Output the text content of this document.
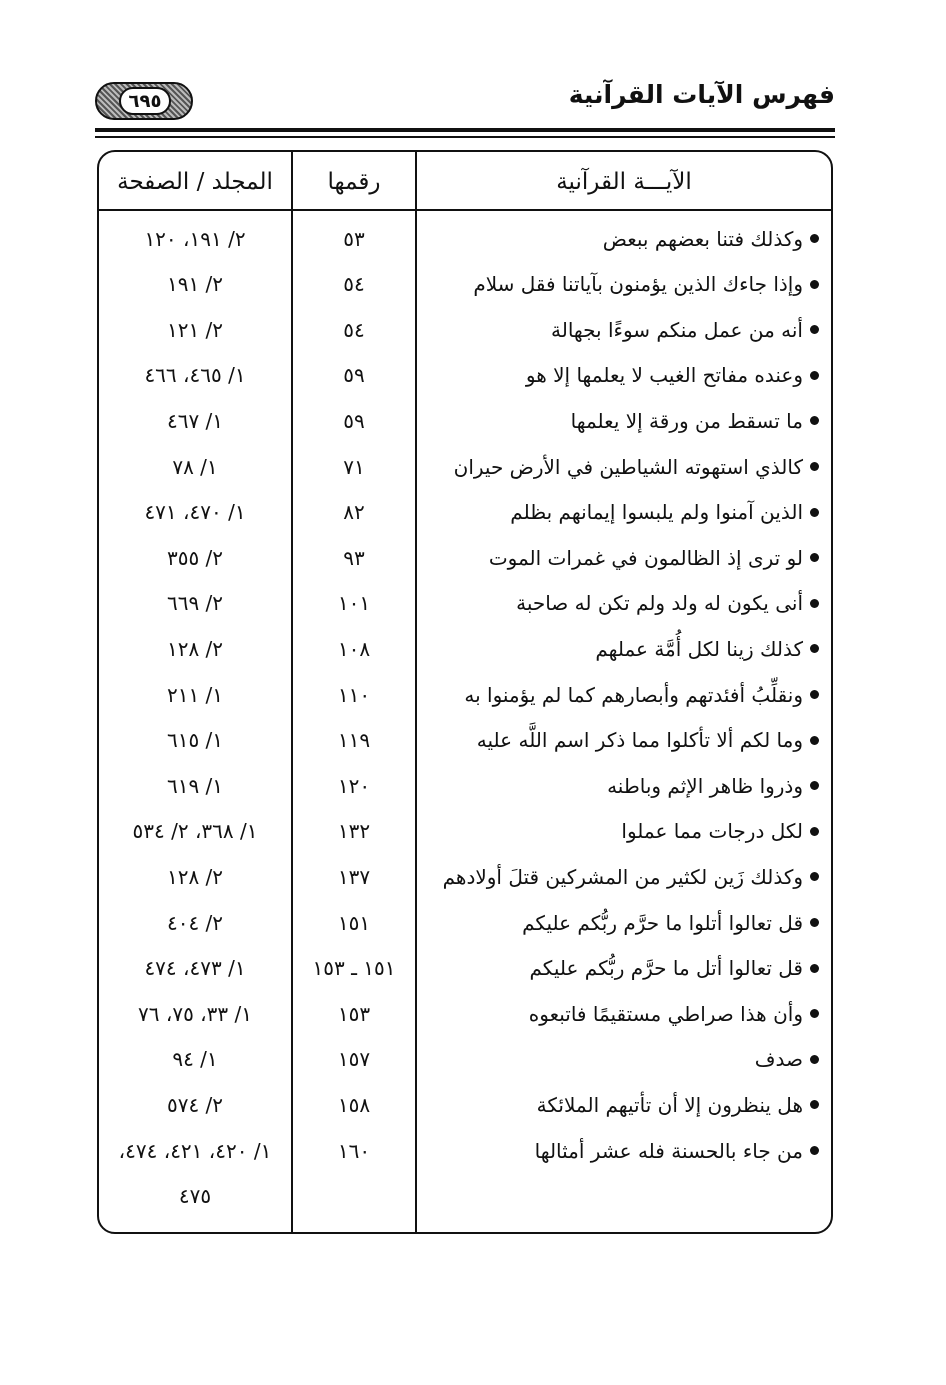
٦٩٥	فهرس الآيات القرآنية
الآيـــة القرآنية
رقمها
المجلد / الصفحة
وكذلك فتنا بعضهم ببعض
٥٣
٢/ ١٩١، ١٢٠
وإذا جاءك الذين يؤمنون بآياتنا فقل سلام
٥٤
٢/ ١٩١
أنه من عمل منكم سوءًا بجهالة
٥٤
٢/ ١٢١
وعنده مفاتح الغيب لا يعلمها إلا هو
٥٩
١/ ٤٦٥، ٤٦٦
ما تسقط من ورقة إلا يعلمها
٥٩
١/ ٤٦٧
كالذي استهوته الشياطين في الأرض حيران
٧١
١/ ٧٨
الذين آمنوا ولم يلبسوا إيمانهم بظلم
٨٢
١/ ٤٧٠، ٤٧١
لو ترى إذ الظالمون في غمرات الموت
٩٣
٢/ ٣٥٥
أنى يكون له ولد ولم تكن له صاحبة
١٠١
٢/ ٦٦٩
كذلك زينا لكل أُمَّة عملهم
١٠٨
٢/ ١٢٨
ونقلِّبُ أفئدتهم وأبصارهم كما لم يؤمنوا به
١١٠
١/ ٢١١
وما لكم ألا تأكلوا مما ذكر اسم اللَّه عليه
١١٩
١/ ٦١٥
وذروا ظاهر الإثم وباطنه
١٢٠
١/ ٦١٩
لكل درجات مما عملوا
١٣٢
١/ ٣٦٨، ٢/ ٥٣٤
وكذلك زَين لكثير من المشركين قتلَ أولادهم
١٣٧
٢/ ١٢٨
قل تعالوا أتلوا ما حرَّم ربُّكم عليكم
١٥١
٢/ ٤٠٤
قل تعالوا أتل ما حرَّم ربُّكم عليكم
١٥١ ـ ١٥٣
١/ ٤٧٣، ٤٧٤
وأن هذا صراطي مستقيمًا فاتبعوه
١٥٣
١/ ٣٣، ٧٥، ٧٦
صدف
١٥٧
١/ ٩٤
هل ينظرون إلا أن تأتيهم الملائكة
١٥٨
٢/ ٥٧٤
من جاء بالحسنة فله عشر أمثالها
١٦٠
١/ ٤٢٠، ٤٢١، ٤٧٤،
٤٧٥
